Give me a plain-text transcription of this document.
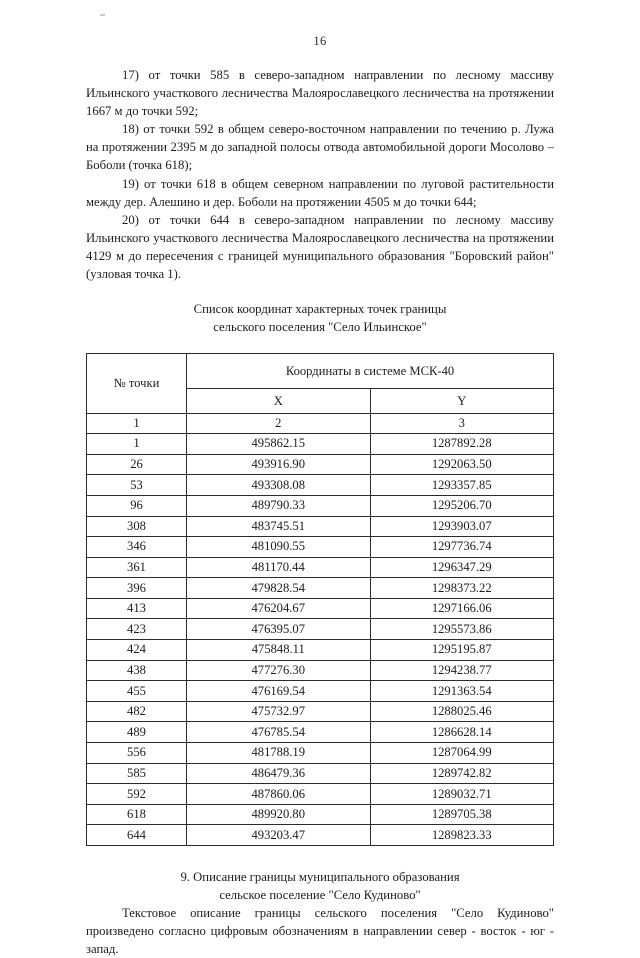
16

17) от точки 585 в северо-западном направлении по лесному массиву Ильинского участкового лесничества Малоярославецкого лесничества на протяжении 1667 м до точки 592;

18) от точки 592 в общем северо-восточном направлении по течению р. Лужа на протяжении 2395 м до западной полосы отвода автомобильной дороги Мосолово – Боболи (точка 618);

19) от точки 618 в общем северном направлении по луговой растительности между дер. Алешино и дер. Боболи на протяжении 4505 м до точки 644;

20) от точки 644 в северо-западном направлении по лесному массиву Ильинского участкового лесничества Малоярославецкого лесничества на протяжении 4129 м до пересечения с границей муниципального образования "Боровский район" (узловая точка 1).

Список координат характерных точек границы

сельского поселения "Село Ильинское"

№ точки	Координаты в системе МСК-40	
	X	Y
1	2	3
1	495862.15	1287892.28
26	493916.90	1292063.50
53	493308.08	1293357.85
96	489790.33	1295206.70
308	483745.51	1293903.07
346	481090.55	1297736.74
361	481170.44	1296347.29
396	479828.54	1298373.22
413	476204.67	1297166.06
423	476395.07	1295573.86
424	475848.11	1295195.87
438	477276.30	1294238.77
455	476169.54	1291363.54
482	475732.97	1288025.46
489	476785.54	1286628.14
556	481788.19	1287064.99
585	486479.36	1289742.82
592	487860.06	1289032.71
618	489920.80	1289705.38
644	493203.47	1289823.33

9. Описание границы муниципального образования

сельское поселение "Село Кудиново"

Текстовое описание границы сельского поселения "Село Кудиново" произведено согласно цифровым обозначениям в направлении север - восток - юг - запад.
